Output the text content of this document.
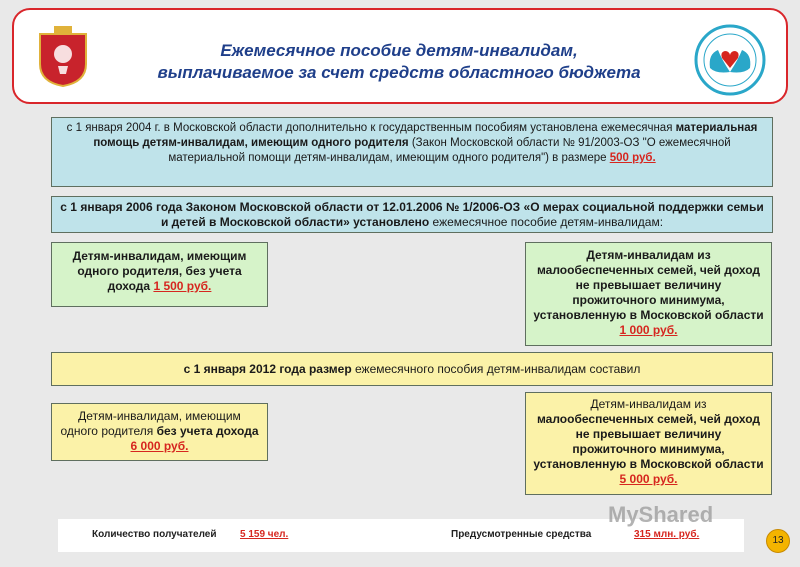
Ежемесячное пособие детям-инвалидам,
выплачиваемое за счет средств областного бюджета
с 1 января 2004 г. в Московской области дополнительно к государственным пособиям установлена ежемесячная материальная помощь детям-инвалидам, имеющим одного родителя (Закон Московской области № 91/2003-ОЗ "О ежемесячной материальной помощи детям-инвалидам, имеющим одного родителя") в размере 500 руб.
с 1 января 2006 года Законом Московской области от 12.01.2006 № 1/2006-ОЗ «О мерах социальной поддержки семьи и детей в Московской области» установлено ежемесячное пособие детям-инвалидам:
Детям-инвалидам, имеющим одного родителя, без учета дохода 1 500 руб.
Детям-инвалидам из малообеспеченных семей, чей доход не превышает величину прожиточного минимума, установленную в Московской области 1 000 руб.
с 1 января 2012 года размер ежемесячного пособия детям-инвалидам составил
Детям-инвалидам, имеющим одного родителя без учета дохода 6 000 руб.
Детям-инвалидам из
малообеспеченных семей, чей доход не превышает величину прожиточного минимума, установленную в Московской области 5 000 руб.
Количество получателей 5 159 чел.	Предусмотренные средства	315 млн. руб.
MyShared
13
